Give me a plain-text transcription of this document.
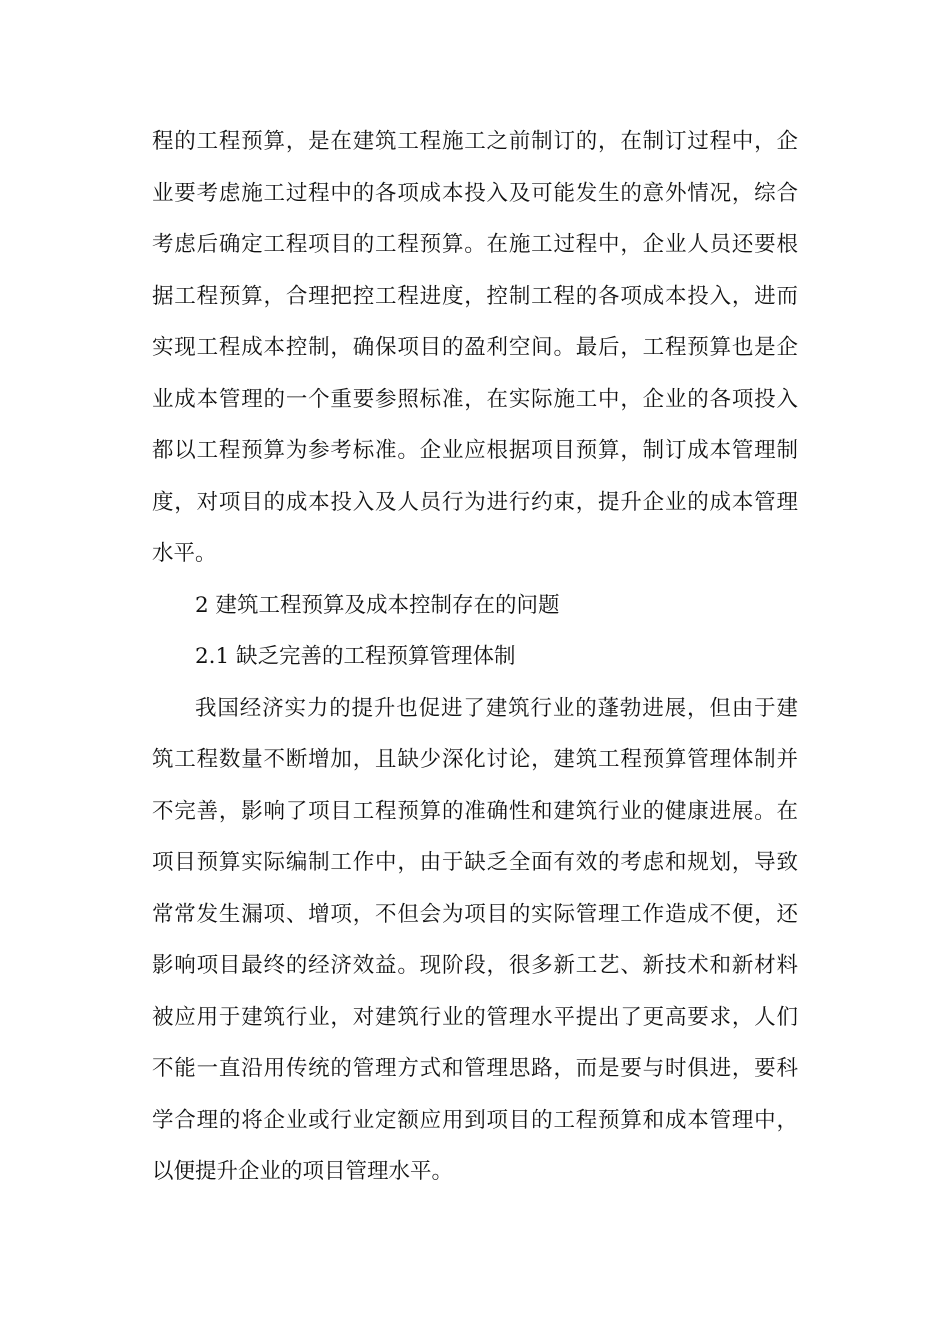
程的工程预算，是在建筑工程施工之前制订的，在制订过程中，企
业要考虑施工过程中的各项成本投入及可能发生的意外情况，综合
考虑后确定工程项目的工程预算。在施工过程中，企业人员还要根
据工程预算，合理把控工程进度，控制工程的各项成本投入，进而
实现工程成本控制，确保项目的盈利空间。最后，工程预算也是企
业成本管理的一个重要参照标准，在实际施工中，企业的各项投入
都以工程预算为参考标准。企业应根据项目预算，制订成本管理制
度，对项目的成本投入及人员行为进行约束，提升企业的成本管理
水平。
2 建筑工程预算及成本控制存在的问题
2.1 缺乏完善的工程预算管理体制
我国经济实力的提升也促进了建筑行业的蓬勃进展，但由于建
筑工程数量不断增加，且缺少深化讨论，建筑工程预算管理体制并
不完善，影响了项目工程预算的准确性和建筑行业的健康进展。在
项目预算实际编制工作中，由于缺乏全面有效的考虑和规划，导致
常常发生漏项、增项，不但会为项目的实际管理工作造成不便，还
影响项目最终的经济效益。现阶段，很多新工艺、新技术和新材料
被应用于建筑行业，对建筑行业的管理水平提出了更高要求，人们
不能一直沿用传统的管理方式和管理思路，而是要与时俱进，要科
学合理的将企业或行业定额应用到项目的工程预算和成本管理中，
以便提升企业的项目管理水平。
